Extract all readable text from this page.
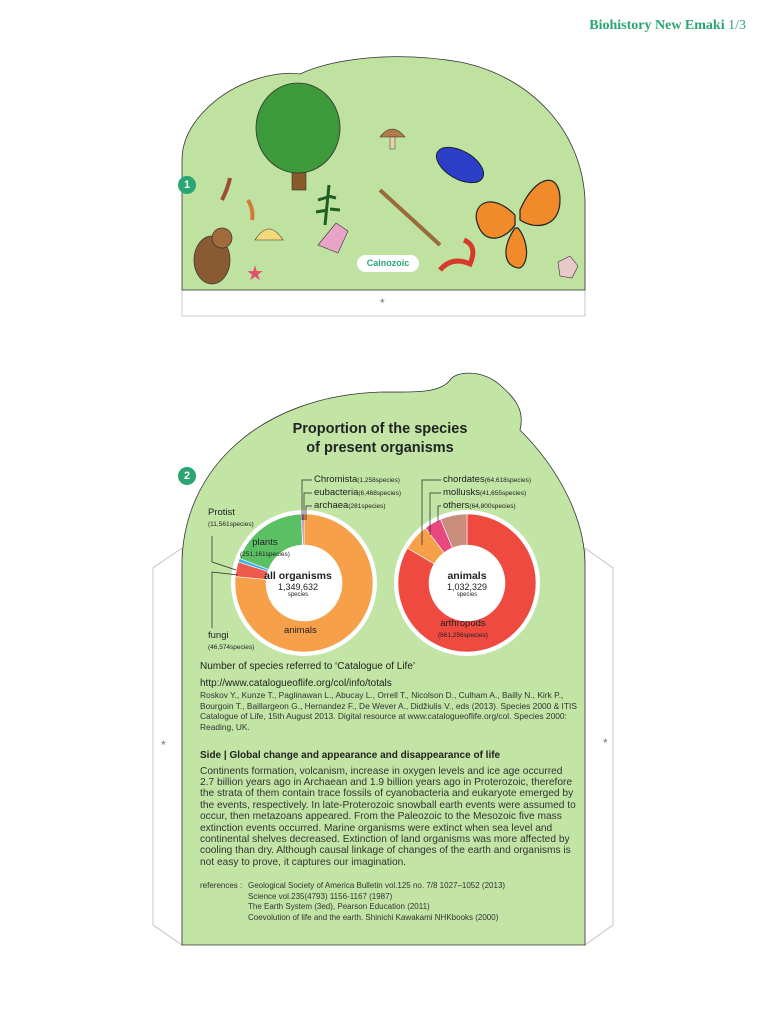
Biohistory New Emaki 1/3
★
1
Cainozoic
*
2
Proportion of the species
of present organisms
*	*
Chromista(1,258species)
eubacteria(6,468species)
archaea(281species)
Protist
(11,561species)
plants
(251,161species)
fungi
(46,574species)
animals
all organisms
1,349,632
species
chordates(64,618species)
mollusks(41,655species)
others(64,800species)
arthropods
(861,256species)
animals
1,032,329
species
Number of species referred to ‘Catalogue of Life’
http://www.catalogueoflife.org/col/info/totals
Roskov Y., Kunze T., Paglinawan L., Abucay L., Orrell T., Nicolson D., Culham A., Bailly N., Kirk P., Bourgoin T., Baillargeon G., Hernandez F., De Wever A., Didžiulis V., eds (2013). Species 2000 & ITIS Catalogue of Life, 15th August 2013. Digital resource at www.catalogueoflife.org/col. Species 2000: Reading, UK.
Side | Global change and appearance and disappearance of life
Continents formation, volcanism, increase in oxygen levels and ice age occurred 2.7 billion years ago in Archaean and 1.9 billion years ago in Proterozoic, therefore the strata of them contain trace fossils of cyanobacteria and eukaryote emerged by the events, respectively. In late-Proterozoic snowball earth events were assumed to occur, then metazoans appeared. From the Paleozoic to the Mesozoic five mass extinction events occurred. Marine organisms were extinct when sea level and continental shelves decreased. Extinction of land organisms was more affected by cooling than dry. Although causal linkage of changes of the earth and organisms is not easy to prove, it captures our imagination.
references : Geological Society of America Bulletin vol.125 no. 7/8 1027–1052 (2013)
Science vol.235(4793) 1156-1167 (1987)
The Earth System (3ed), Pearson Education (2011)
Coevolution of life and the earth. Shinichi Kawakami NHKbooks (2000)
